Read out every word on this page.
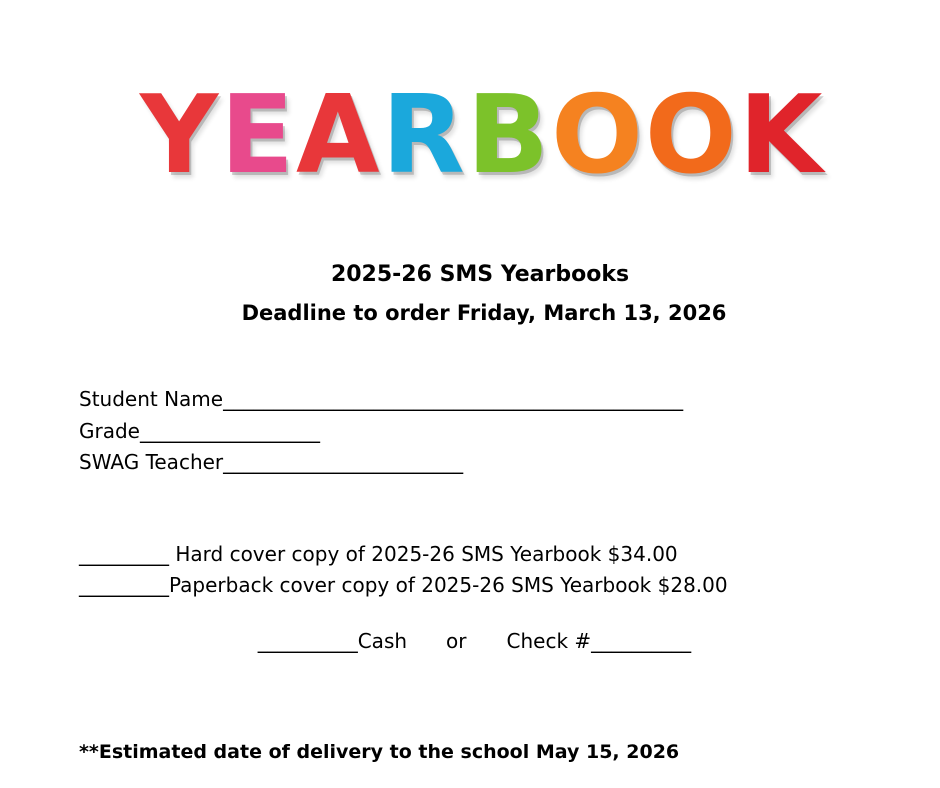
Y E A R B O O K

2025-26 SMS Yearbooks

Deadline to order Friday, March 13, 2026

Student Name______________________________________________
Grade__________________
SWAG Teacher________________________
_________ Hard cover copy of 2025-26 SMS Yearbook $34.00
_________Paperback cover copy of 2025-26 SMS Yearbook $28.00

__________Cash or Check #__________

**Estimated date of delivery to the school May 15, 2026
